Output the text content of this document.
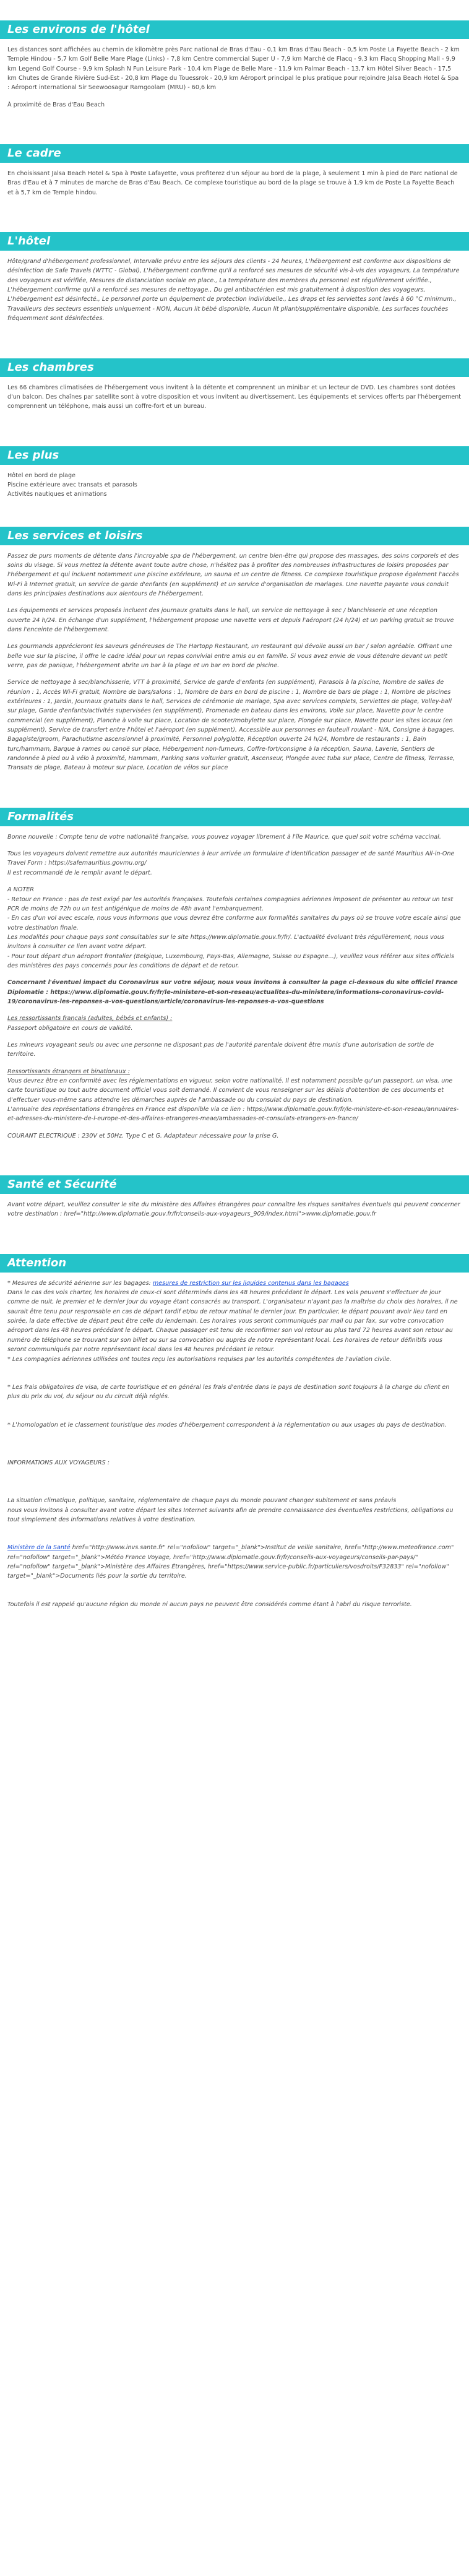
Les environs de l'hôtel

Les distances sont affichées au chemin de kilomètre près Parc national de Bras d'Eau - 0,1 km Bras d'Eau Beach - 0,5 km Poste La Fayette Beach - 2 km Temple Hindou - 5,7 km Golf Belle Mare Plage (Links) - 7,8 km Centre commercial Super U - 7,9 km Marché de Flacq - 9,3 km Flacq Shopping Mall - 9,9 km Legend Golf Course - 9,9 km Splash N Fun Leisure Park - 10,4 km Plage de Belle Mare - 11,9 km Palmar Beach - 13,7 km Hôtel Silver Beach - 17,5 km Chutes de Grande Rivière Sud-Est - 20,8 km Plage du Touessrok - 20,9 km Aéroport principal le plus pratique pour rejoindre Jalsa Beach Hotel & Spa : Aéroport international Sir Seewoosagur Ramgoolam (MRU) - 60,6 km

À proximité de Bras d'Eau Beach

Le cadre

En choisissant Jalsa Beach Hotel & Spa à Poste Lafayette, vous profiterez d'un séjour au bord de la plage, à seulement 1 min à pied de Parc national de Bras d'Eau et à 7 minutes de marche de Bras d'Eau Beach. Ce complexe touristique au bord de la plage se trouve à 1,9 km de Poste La Fayette Beach et à 5,7 km de Temple hindou.

L'hôtel

Hôte/grand d'hébergement professionnel, Intervalle prévu entre les séjours des clients - 24 heures, L'hébergement est conforme aux dispositions de désinfection de Safe Travels (WTTC - Global), L'hébergement confirme qu'il a renforcé ses mesures de sécurité vis-à-vis des voyageurs, La température des voyageurs est vérifiée, Mesures de distanciation sociale en place., La température des membres du personnel est régulièrement vérifiée., L'hébergement confirme qu'il a renforcé ses mesures de nettoyage., Du gel antibactérien est mis gratuitement à disposition des voyageurs, L'hébergement est désinfecté., Le personnel porte un équipement de protection individuelle., Les draps et les serviettes sont lavés à 60 °C minimum., Travailleurs des secteurs essentiels uniquement - NON, Aucun lit bébé disponible, Aucun lit pliant/supplémentaire disponible, Les surfaces touchées fréquemment sont désinfectées.

Les chambres

Les 66 chambres climatisées de l'hébergement vous invitent à la détente et comprennent un minibar et un lecteur de DVD. Les chambres sont dotées d'un balcon. Des chaînes par satellite sont à votre disposition et vous invitent au divertissement. Les équipements et services offerts par l'hébergement comprennent un téléphone, mais aussi un coffre-fort et un bureau.

Les plus

Hôtel en bord de plage

Piscine extérieure avec transats et parasols

Activités nautiques et animations

Les services et loisirs

Passez de purs moments de détente dans l'incroyable spa de l'hébergement, un centre bien-être qui propose des massages, des soins corporels et des soins du visage. Si vous mettez la détente avant toute autre chose, n'hésitez pas à profiter des nombreuses infrastructures de loisirs proposées par l'hébergement et qui incluent notamment une piscine extérieure, un sauna et un centre de fitness. Ce complexe touristique propose également l'accès Wi-Fi à Internet gratuit, un service de garde d'enfants (en supplément) et un service d'organisation de mariages. Une navette payante vous conduit dans les principales destinations aux alentours de l'hébergement.

Les équipements et services proposés incluent des journaux gratuits dans le hall, un service de nettoyage à sec / blanchisserie et une réception ouverte 24 h/24. En échange d'un supplément, l'hébergement propose une navette vers et depuis l'aéroport (24 h/24) et un parking gratuit se trouve dans l'enceinte de l'hébergement.

Les gourmands apprécieront les saveurs généreuses de The Hartopp Restaurant, un restaurant qui dévoile aussi un bar / salon agréable. Offrant une belle vue sur la piscine, il offre le cadre idéal pour un repas convivial entre amis ou en famille. Si vous avez envie de vous détendre devant un petit verre, pas de panique, l'hébergement abrite un bar à la plage et un bar en bord de piscine.

Service de nettoyage à sec/blanchisserie, VTT à proximité, Service de garde d'enfants (en supplément), Parasols à la piscine, Nombre de salles de réunion : 1, Accès Wi-Fi gratuit, Nombre de bars/salons : 1, Nombre de bars en bord de piscine : 1, Nombre de bars de plage : 1, Nombre de piscines extérieures : 1, Jardin, Journaux gratuits dans le hall, Services de cérémonie de mariage, Spa avec services complets, Serviettes de plage, Volley-ball sur plage, Garde d'enfants/activités supervisées (en supplément), Promenade en bateau dans les environs, Voile sur place, Navette pour le centre commercial (en supplément), Planche à voile sur place, Location de scooter/mobylette sur place, Plongée sur place, Navette pour les sites locaux (en supplément), Service de transfert entre l'hôtel et l'aéroport (en supplément), Accessible aux personnes en fauteuil roulant - N/A, Consigne à bagages, Bagagiste/groom, Parachutisme ascensionnel à proximité, Personnel polyglotte, Réception ouverte 24 h/24, Nombre de restaurants : 1, Bain turc/hammam, Barque à rames ou canoë sur place, Hébergement non-fumeurs, Coffre-fort/consigne à la réception, Sauna, Laverie, Sentiers de randonnée à pied ou à vélo à proximité, Hammam, Parking sans voiturier gratuit, Ascenseur, Plongée avec tuba sur place, Centre de fitness, Terrasse, Transats de plage, Bateau à moteur sur place, Location de vélos sur place

Formalités

Bonne nouvelle : Compte tenu de votre nationalité française, vous pouvez voyager librement à l'île Maurice, que quel soit votre schéma vaccinal.

Tous les voyageurs doivent remettre aux autorités mauriciennes à leur arrivée un formulaire d'identification passager et de santé Mauritius All-in-One Travel Form : https://safemauritius.govmu.org/

Il est recommandé de le remplir avant le départ.

A NOTER

- Retour en France : pas de test exigé par les autorités françaises. Toutefois certaines compagnies aériennes imposent de présenter au retour un test PCR de moins de 72h ou un test antigénique de moins de 48h avant l'embarquement.

- En cas d'un vol avec escale, nous vous informons que vous devrez être conforme aux formalités sanitaires du pays où se trouve votre escale ainsi que votre destination finale.

Les modalités pour chaque pays sont consultables sur le site https://www.diplomatie.gouv.fr/fr/. L'actualité évoluant très régulièrement, nous vous invitons à consulter ce lien avant votre départ.

- Pour tout départ d'un aéroport frontalier (Belgique, Luxembourg, Pays-Bas, Allemagne, Suisse ou Espagne...), veuillez vous référer aux sites officiels des ministères des pays concernés pour les conditions de départ et de retour.

Concernant l'éventuel impact du Coronavirus sur votre séjour, nous vous invitons à consulter la page ci-dessous du site officiel France Diplomatie : https://www.diplomatie.gouv.fr/fr/le-ministere-et-son-reseau/actualites-du-ministere/informations-coronavirus-covid-19/coronavirus-les-reponses-a-vos-questions/article/coronavirus-les-reponses-a-vos-questions

Les ressortissants français (adultes, bébés et enfants) :

Passeport obligatoire en cours de validité.

Les mineurs voyageant seuls ou avec une personne ne disposant pas de l'autorité parentale doivent être munis d'une autorisation de sortie de territoire.

Ressortissants étrangers et binationaux :

Vous devrez être en conformité avec les réglementations en vigueur, selon votre nationalité. Il est notamment possible qu'un passeport, un visa, une carte touristique ou tout autre document officiel vous soit demandé. Il convient de vous renseigner sur les délais d'obtention de ces documents et d'effectuer vous-même sans attendre les démarches auprès de l'ambassade ou du consulat du pays de destination.

L'annuaire des représentations étrangères en France est disponible via ce lien : https://www.diplomatie.gouv.fr/fr/le-ministere-et-son-reseau/annuaires-et-adresses-du-ministere-de-l-europe-et-des-affaires-etrangeres-meae/ambassades-et-consulats-etrangers-en-france/

COURANT ELECTRIQUE : 230V et 50Hz. Type C et G. Adaptateur nécessaire pour la prise G.

Santé et Sécurité

Avant votre départ, veuillez consulter le site du ministère des Affaires étrangères pour connaître les risques sanitaires éventuels qui peuvent concerner votre destination : href="http://www.diplomatie.gouv.fr/fr/conseils-aux-voyageurs_909/index.html">www.diplomatie.gouv.fr

Attention

* Mesures de sécurité aérienne sur les bagages: mesures de restriction sur les liquides contenus dans les bagages

Dans le cas des vols charter, les horaires de ceux-ci sont déterminés dans les 48 heures précédant le départ. Les vols peuvent s'effectuer de jour comme de nuit, le premier et le dernier jour du voyage étant consacrés au transport. L'organisateur n'ayant pas la maîtrise du choix des horaires, il ne saurait être tenu pour responsable en cas de départ tardif et/ou de retour matinal le dernier jour. En particulier, le départ pouvant avoir lieu tard en soirée, la date effective de départ peut être celle du lendemain. Les horaires vous seront communiqués par mail ou par fax, sur votre convocation aéroport dans les 48 heures précédant le départ. Chaque passager est tenu de reconfirmer son vol retour au plus tard 72 heures avant son retour au numéro de téléphone se trouvant sur son billet ou sur sa convocation ou auprès de notre représentant local. Les horaires de retour définitifs vous seront communiqués par notre représentant local dans les 48 heures précédant le retour.

* Les compagnies aériennes utilisées ont toutes reçu les autorisations requises par les autorités compétentes de l'aviation civile.

* Les frais obligatoires de visa, de carte touristique et en général les frais d'entrée dans le pays de destination sont toujours à la charge du client en plus du prix du vol, du séjour ou du circuit déjà réglés.

* L'homologation et le classement touristique des modes d'hébergement correspondent à la réglementation ou aux usages du pays de destination.

INFORMATIONS AUX VOYAGEURS :

La situation climatique, politique, sanitaire, réglementaire de chaque pays du monde pouvant changer subitement et sans préavis

nous vous invitons à consulter avant votre départ les sites Internet suivants afin de prendre connaissance des éventuelles restrictions, obligations ou tout simplement des informations relatives à votre destination.

Ministère de la Santé href="http://www.invs.sante.fr" rel="nofollow" target="_blank">Institut de veille sanitaire, href="http://www.meteofrance.com" rel="nofollow" target="_blank">Météo France Voyage, href="http://www.diplomatie.gouv.fr/fr/conseils-aux-voyageurs/conseils-par-pays/" rel="nofollow" target="_blank">Ministère des Affaires Étrangères, href="https://www.service-public.fr/particuliers/vosdroits/F32833" rel="nofollow" target="_blank">Documents liés pour la sortie du territoire.

Toutefois il est rappelé qu'aucune région du monde ni aucun pays ne peuvent être considérés comme étant à l'abri du risque terroriste.
